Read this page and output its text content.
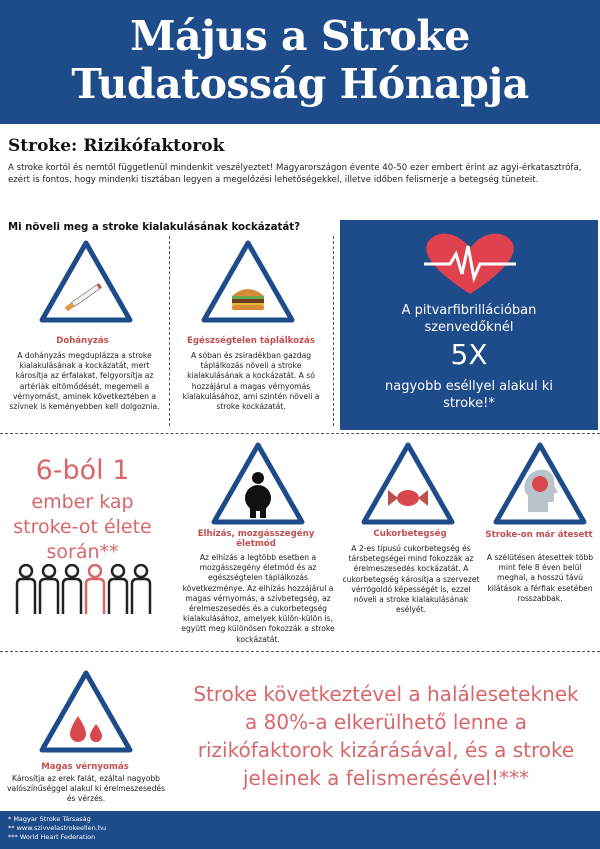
Május a Stroke
Tudatosság Hónapja
Stroke: Rizikófaktorok
A stroke kortól és nemtől függetlenül mindenkit veszélyeztet! Magyarországon évente 40-50 ezer embert érint az agyi-érkatasztrófa, ezért is fontos, hogy mindenki tisztában legyen a megelőzési lehetőségekkel, illetve időben felismerje a betegség tüneteit.
Mi növeli meg a stroke kialakulásának kockázatát?
Dohányzás
A dohányzás megduplázza a stroke kialakulásának a kockázatát, mert károsítja az érfalakat, felgyorsítja az artériák eltömődését, megemeli a vérnyomást, aminek következtében a szívnek is keményebben kell dolgoznia.
Egészségtelen táplálkozás
A sóban és zsiradékban gazdag táplálkozás növeli a stroke kialakulásának a kockázatát. A só hozzájárul a magas vérnyomás kialakulásához, ami szintén növeli a stroke kockázatát.
A pitvarfibrillációban
szenvedőknél
5X
nagyobb eséllyel alakul ki
stroke!*
6-ból 1
ember kap
stroke-ot élete
során**
Elhízás, mozgásszegény
életmód
Az elhízás a legtöbb esetben a mozgásszegény életmód és az egészségtelen táplálkozás következménye. Az elhízás hozzájárul a magas vérnyomás, a szívbetegség, az érelmeszesedés és a cukorbetegség kialakulásához, amelyek külön-külön is, együtt meg különösen fokozzák a stroke kockázatát.
Cukorbetegség
A 2-es típusú cukorbetegség és társbetegségei mind fokozzák az érelmeszesedés kockázatát. A cukorbetegség károsítja a szervezet vérrögoldó képességét is, ezzel növeli a stroke kialakulásának esélyét.
Stroke-on már átesett
A szélütésen átesettek több mint fele 8 éven belül meghal, a hosszú távú kilátások a férfiak esetében rosszabbak.
Magas vérnyomás
Károsítja az erek falát, ezáltal nagyobb valószínűséggel alakul ki érelmeszesedés és vérzés.
Stroke következtével a haláleseteknek
a 80%-a elkerülhető lenne a
rizikófaktorok kizárásával, és a stroke
jeleinek a felismerésével!***
* Magyar Stroke Társaság
** www.szivvelastrokeellen.hu
*** World Heart Federation
